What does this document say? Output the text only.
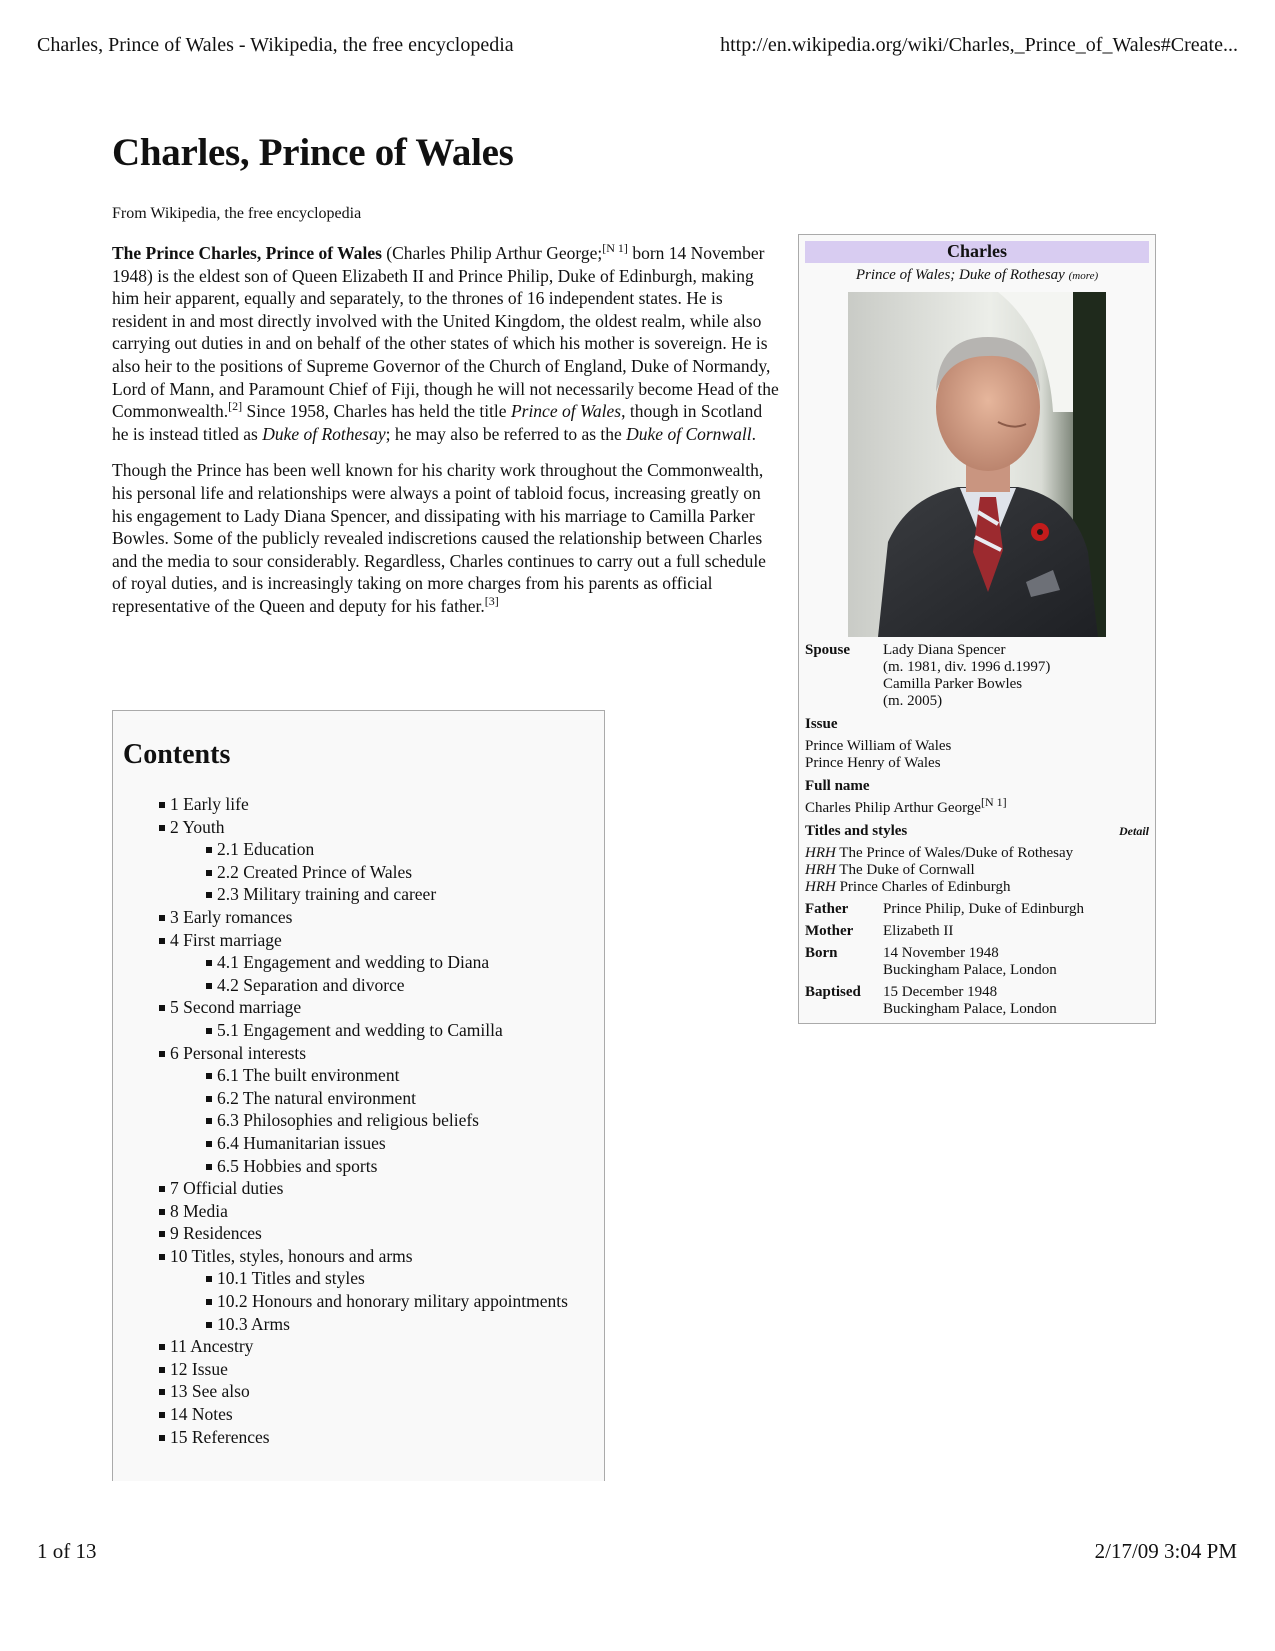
Charles, Prince of Wales - Wikipedia, the free encyclopedia	http://en.wikipedia.org/wiki/Charles,_Prince_of_Wales#Create...
1 of 13	2/17/09 3:04 PM
Charles, Prince of Wales
From Wikipedia, the free encyclopedia

The Prince Charles, Prince of Wales (Charles Philip Arthur George;[N 1] born 14 November 1948) is the eldest son of Queen Elizabeth II and Prince Philip, Duke of Edinburgh, making him heir apparent, equally and separately, to the thrones of 16 independent states. He is resident in and most directly involved with the United Kingdom, the oldest realm, while also carrying out duties in and on behalf of the other states of which his mother is sovereign. He is also heir to the positions of Supreme Governor of the Church of England, Duke of Normandy, Lord of Mann, and Paramount Chief of Fiji, though he will not necessarily become Head of the Commonwealth.[2] Since 1958, Charles has held the title Prince of Wales, though in Scotland he is instead titled as Duke of Rothesay; he may also be referred to as the Duke of Cornwall.

Though the Prince has been well known for his charity work throughout the Commonwealth, his personal life and relationships were always a point of tabloid focus, increasing greatly on his engagement to Lady Diana Spencer, and dissipating with his marriage to Camilla Parker Bowles. Some of the publicly revealed indiscretions caused the relationship between Charles and the media to sour considerably. Regardless, Charles continues to carry out a full schedule of royal duties, and is increasingly taking on more charges from his parents as official representative of the Queen and deputy for his father.[3]

Charles
Prince of Wales; Duke of Rothesay (more)
Spouse	Lady Diana Spencer
(m. 1981, div. 1996 d.1997)
Camilla Parker Bowles
(m. 2005)
Issue
Prince William of Wales
Prince Henry of Wales
Full name
Charles Philip Arthur George[N 1]
Titles and styles	Detail
HRH The Prince of Wales/Duke of Rothesay
HRH The Duke of Cornwall
HRH Prince Charles of Edinburgh
Father	Prince Philip, Duke of Edinburgh
Mother	Elizabeth II
Born	14 November 1948
Buckingham Palace, London
Baptised	15 December 1948
Buckingham Palace, London
Contents
1 Early life
2 Youth
2.1 Education
2.2 Created Prince of Wales
2.3 Military training and career
3 Early romances
4 First marriage
4.1 Engagement and wedding to Diana
4.2 Separation and divorce
5 Second marriage
5.1 Engagement and wedding to Camilla
6 Personal interests
6.1 The built environment
6.2 The natural environment
6.3 Philosophies and religious beliefs
6.4 Humanitarian issues
6.5 Hobbies and sports
7 Official duties
8 Media
9 Residences
10 Titles, styles, honours and arms
10.1 Titles and styles
10.2 Honours and honorary military appointments
10.3 Arms
11 Ancestry
12 Issue
13 See also
14 Notes
15 References
